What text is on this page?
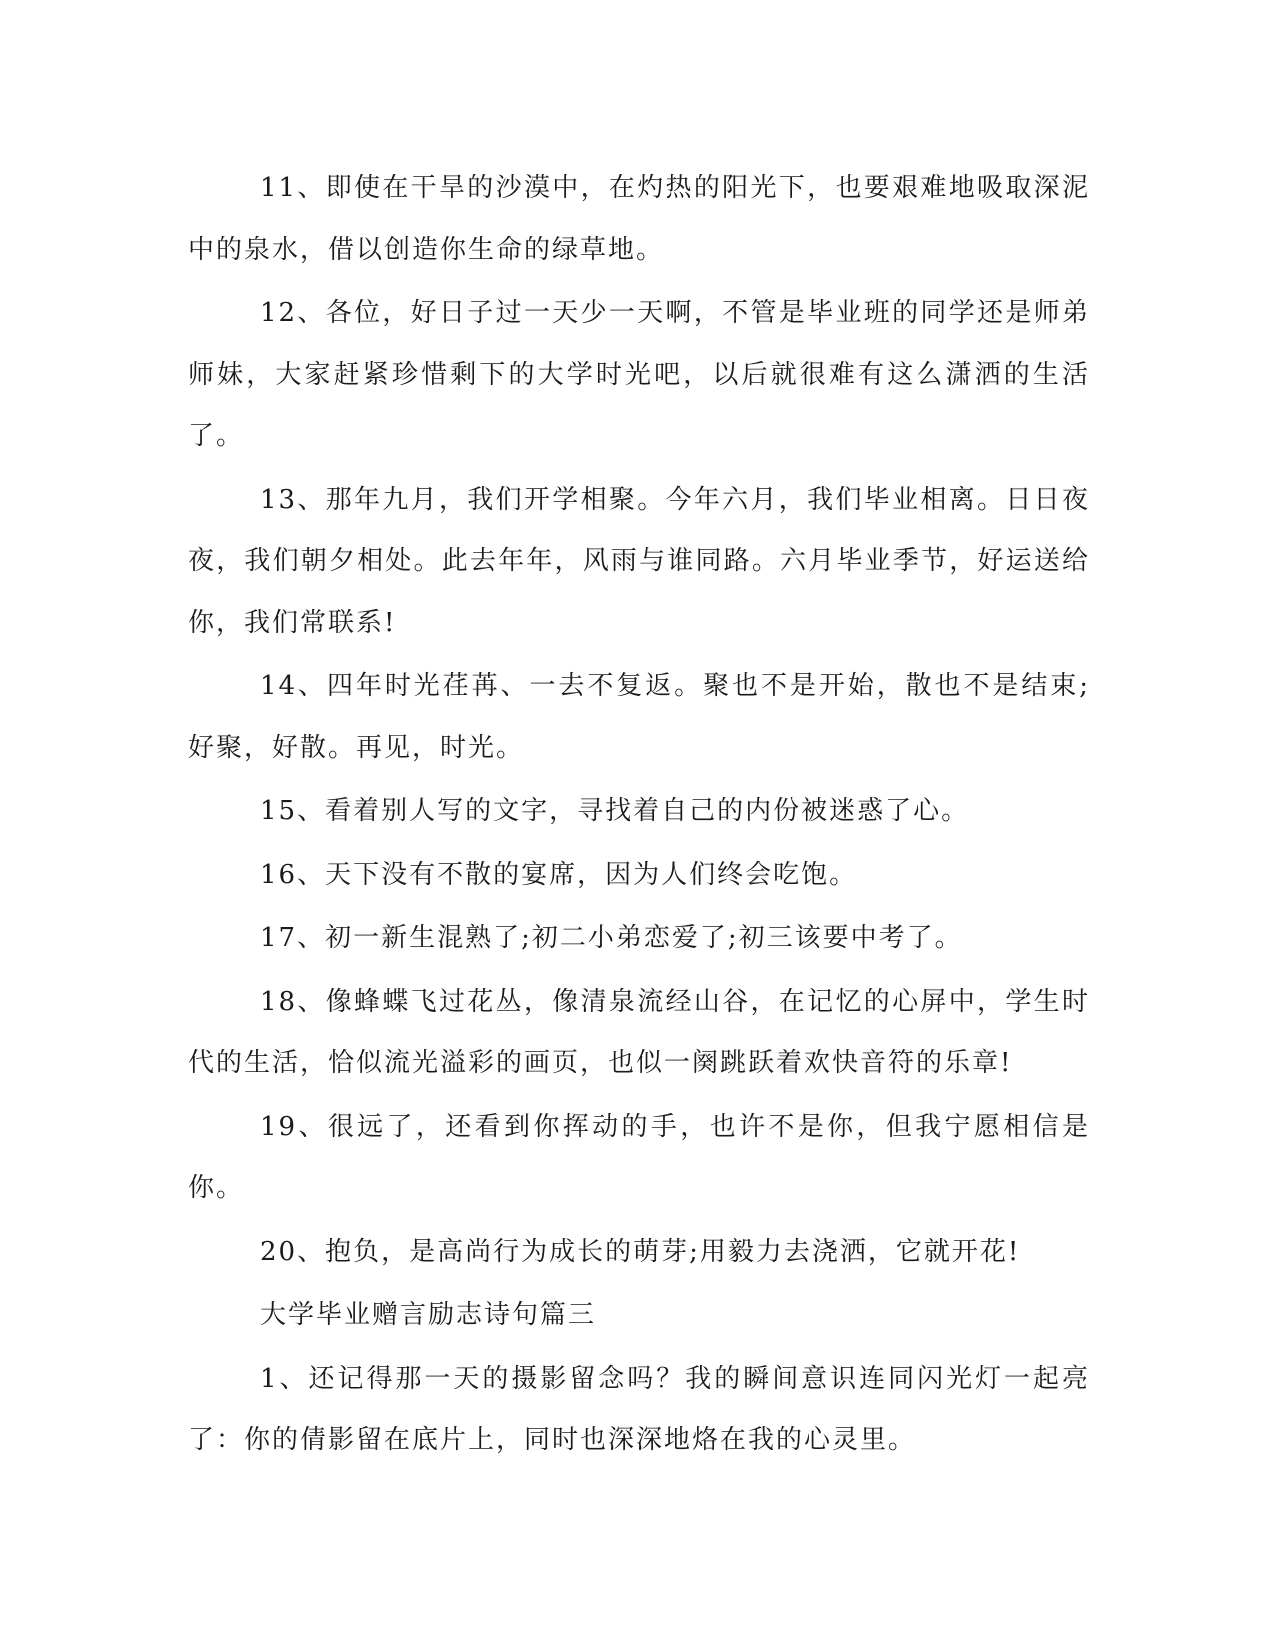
11、即使在干旱的沙漠中，在灼热的阳光下，也要艰难地吸取深泥中的泉水，借以创造你生命的绿草地。

12、各位，好日子过一天少一天啊，不管是毕业班的同学还是师弟师妹，大家赶紧珍惜剩下的大学时光吧，以后就很难有这么潇洒的生活了。

13、那年九月，我们开学相聚。今年六月，我们毕业相离。日日夜夜，我们朝夕相处。此去年年，风雨与谁同路。六月毕业季节，好运送给你，我们常联系!

14、四年时光荏苒、一去不复返。聚也不是开始，散也不是结束;好聚，好散。再见，时光。

15、看着别人写的文字，寻找着自己的内份被迷惑了心。

16、天下没有不散的宴席，因为人们终会吃饱。

17、初一新生混熟了;初二小弟恋爱了;初三该要中考了。

18、像蜂蝶飞过花丛，像清泉流经山谷，在记忆的心屏中，学生时代的生活，恰似流光溢彩的画页，也似一阕跳跃着欢快音符的乐章!

19、很远了，还看到你挥动的手，也许不是你，但我宁愿相信是你。

20、抱负，是高尚行为成长的萌芽;用毅力去浇洒，它就开花!

大学毕业赠言励志诗句篇三

1、还记得那一天的摄影留念吗？我的瞬间意识连同闪光灯一起亮了：你的倩影留在底片上，同时也深深地烙在我的心灵里。
